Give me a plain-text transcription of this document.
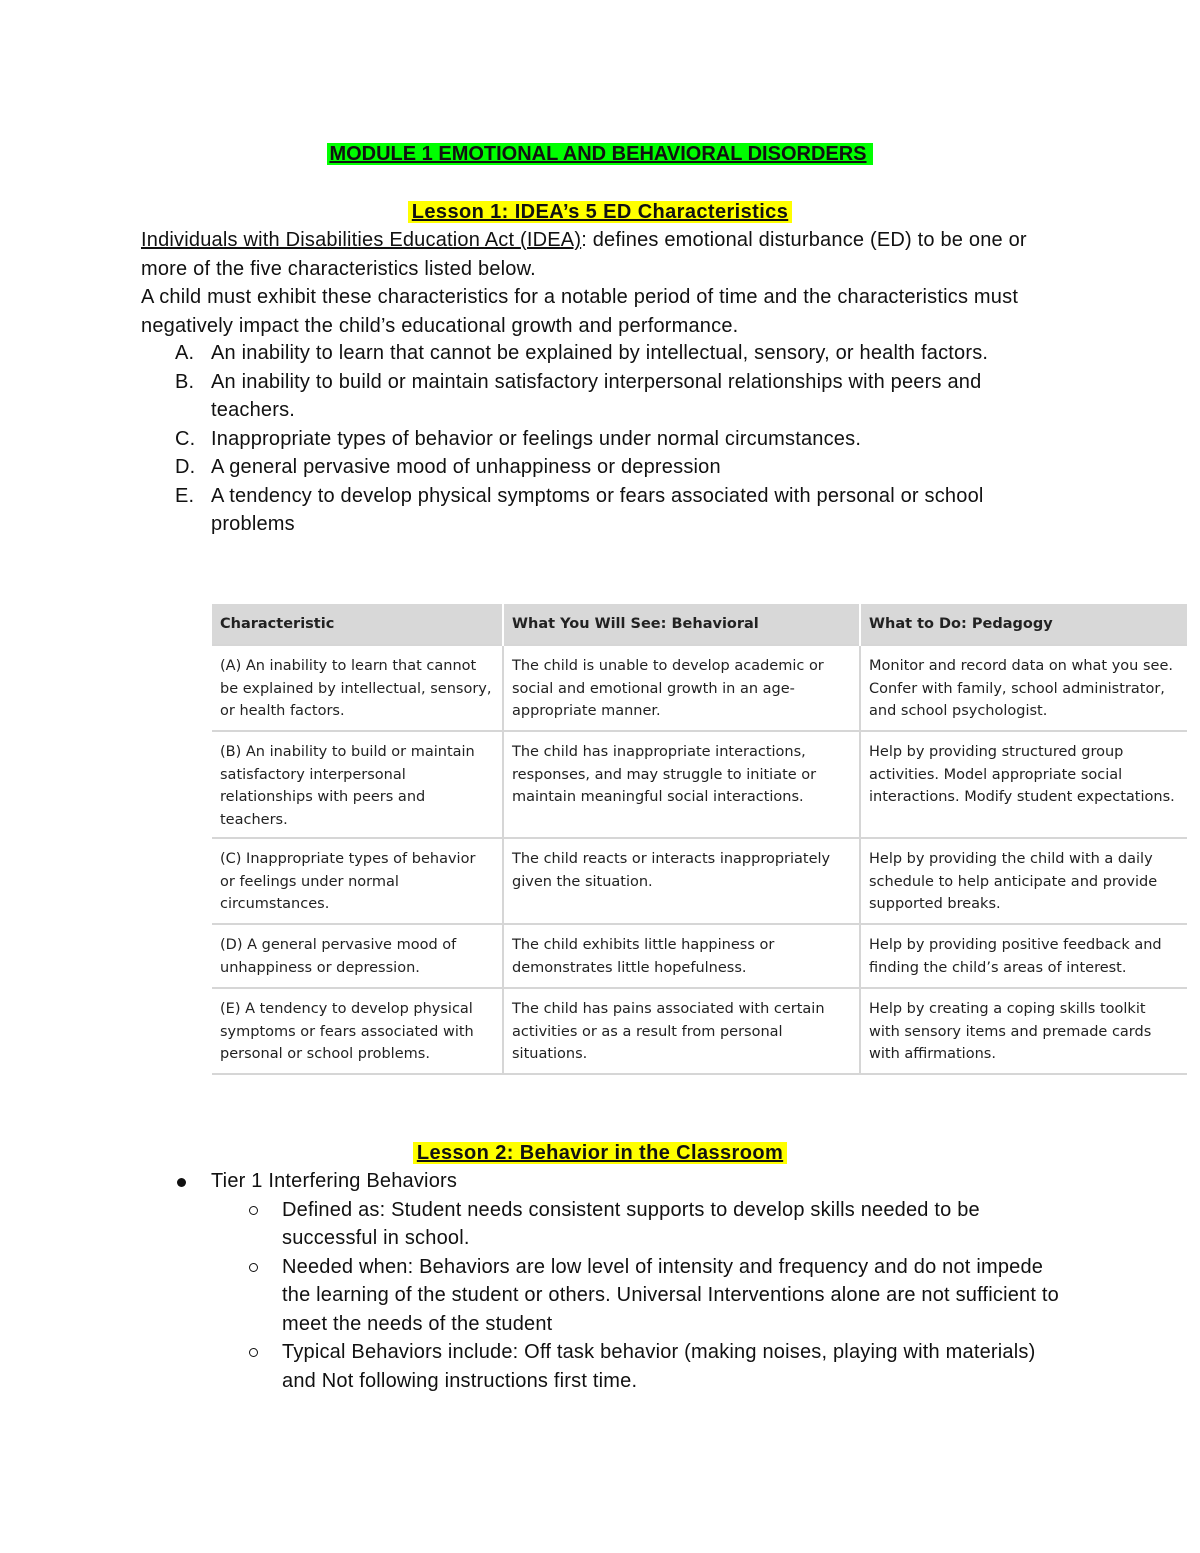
MODULE 1 EMOTIONAL AND BEHAVIORAL DISORDERS
Lesson 1: IDEA’s 5 ED Characteristics
Individuals with Disabilities Education Act (IDEA): defines emotional disturbance (ED) to be one or more of the five characteristics listed below.
A child must exhibit these characteristics for a notable period of time and the characteristics must negatively impact the child’s educational growth and performance.
A. An inability to learn that cannot be explained by intellectual, sensory, or health factors.
B. An inability to build or maintain satisfactory interpersonal relationships with peers and teachers.
C. Inappropriate types of behavior or feelings under normal circumstances.
D. A general pervasive mood of unhappiness or depression
E. A tendency to develop physical symptoms or fears associated with personal or school problems
Characteristic	What You Will See: Behavioral	What to Do: Pedagogy
(A) An inability to learn that cannot be explained by intellectual, sensory, or health factors.	The child is unable to develop academic or social and emotional growth in an age-appropriate manner.	Monitor and record data on what you see. Confer with family, school administrator, and school psychologist.
(B) An inability to build or maintain satisfactory interpersonal relationships with peers and teachers.	The child has inappropriate interactions, responses, and may struggle to initiate or maintain meaningful social interactions.	Help by providing structured group activities. Model appropriate social interactions. Modify student expectations.
(C) Inappropriate types of behavior or feelings under normal circumstances.	The child reacts or interacts inappropriately given the situation.	Help by providing the child with a daily schedule to help anticipate and provide supported breaks.
(D) A general pervasive mood of unhappiness or depression.	The child exhibits little happiness or demonstrates little hopefulness.	Help by providing positive feedback and finding the child’s areas of interest.
(E) A tendency to develop physical symptoms or fears associated with personal or school problems.	The child has pains associated with certain activities or as a result from personal situations.	Help by creating a coping skills toolkit with sensory items and premade cards with affirmations.
Lesson 2: Behavior in the Classroom
Tier 1 Interfering Behaviors
Defined as: Student needs consistent supports to develop skills needed to be successful in school.
Needed when: Behaviors are low level of intensity and frequency and do not impede the learning of the student or others. Universal Interventions alone are not sufficient to meet the needs of the student
Typical Behaviors include: Off task behavior (making noises, playing with materials) and Not following instructions first time.
